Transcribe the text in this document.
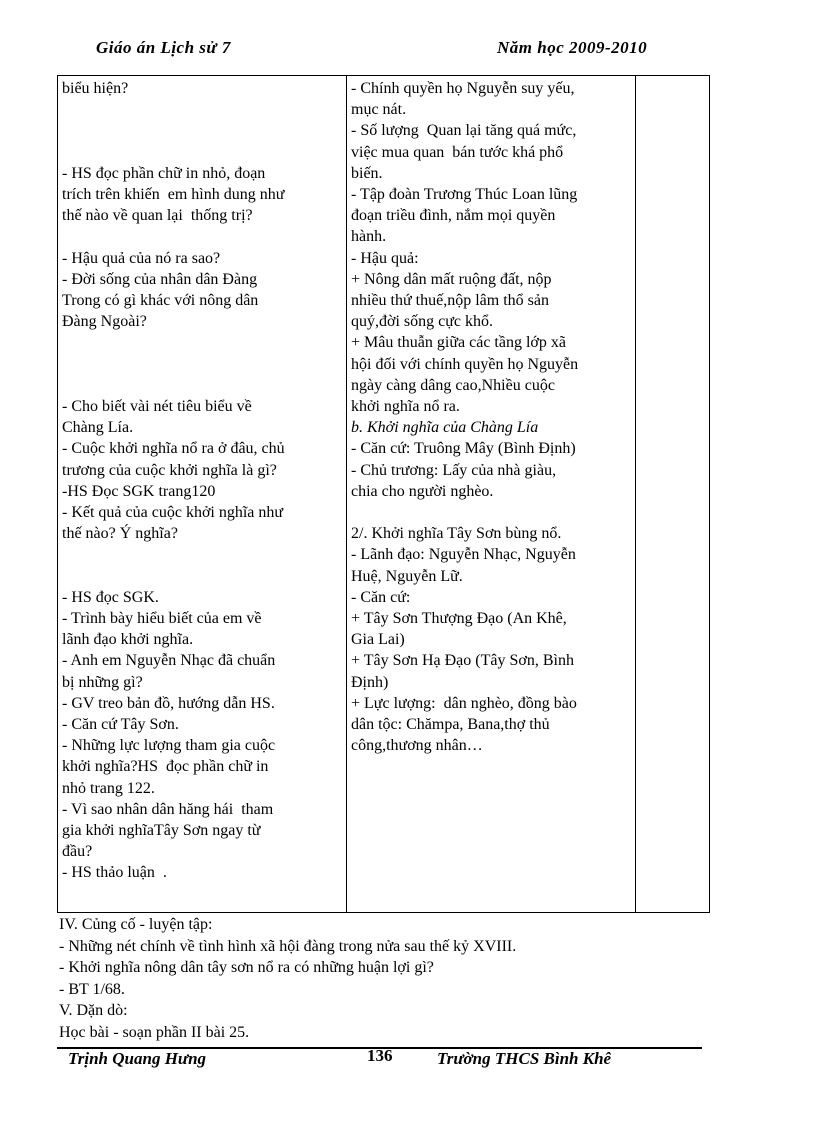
Giáo án Lịch sử 7	Năm học 2009-2010
biểu hiện?
- HS đọc phần chữ in nhỏ, đoạn
trích trên khiến  em hình dung như
thế nào về quan lại  thống trị?
- Hậu quả của nó ra sao?
- Đời sống của nhân dân Đàng
Trong có gì khác với nông dân
Đàng Ngoài?
- Cho biết vài nét tiêu biểu về
Chàng Lía.
- Cuộc khởi nghĩa nổ ra ở đâu, chủ
trương của cuộc khởi nghĩa là gì?
-HS Đọc SGK trang120
- Kết quả của cuộc khởi nghĩa như
thế nào? Ý nghĩa?
- HS đọc SGK.
- Trình bày hiểu biết của em về
lãnh đạo khởi nghĩa.
- Anh em Nguyễn Nhạc đã chuẩn
bị những gì?
- GV treo bản đồ, hướng dẫn HS.
- Căn cứ Tây Sơn.
- Những lực lượng tham gia cuộc
khởi nghĩa?HS  đọc phần chữ in
nhỏ trang 122.
- Vì sao nhân dân hăng hái  tham
gia khởi nghĩaTây Sơn ngay từ
đầu?
- HS thảo luận  .

- Chính quyền họ Nguyễn suy yếu,
mục nát.
- Số lượng  Quan lại tăng quá mức,
việc mua quan  bán tước khá phổ
biến.
- Tập đoàn Trương Thúc Loan lũng
đoạn triều đình, nắm mọi quyền
hành.
- Hậu quả:
+ Nông dân mất ruộng đất, nộp
nhiều thứ thuế,nộp lâm thổ sản
quý,đời sống cực khổ.
+ Mâu thuẫn giữa các tầng lớp xã
hội đối với chính quyền họ Nguyễn
ngày càng dâng cao,Nhiều cuộc
khởi nghĩa nổ ra.
b. Khởi nghĩa của Chàng Lía
- Căn cứ: Truông Mây (Bình Định)
- Chủ trương: Lấy của nhà giàu,
chia cho người nghèo.
2/. Khởi nghĩa Tây Sơn bùng nổ.
- Lãnh đạo: Nguyễn Nhạc, Nguyễn
Huệ, Nguyễn Lữ.
- Căn cứ:
+ Tây Sơn Thượng Đạo (An Khê,
Gia Lai)
+ Tây Sơn Hạ Đạo (Tây Sơn, Bình
Định)
+ Lực lượng:  dân nghèo, đồng bào
dân tộc: Chămpa, Bana,thợ thủ
công,thương nhân…

IV. Củng cố - luyện tập:
- Những nét chính về tình hình xã hội đàng trong nửa sau thế kỷ XVIII.
- Khởi nghĩa nông dân tây sơn nổ ra có những huận lợi gì?
- BT 1/68.
V. Dặn dò:
Học bài - soạn phần II bài 25.
Trịnh Quang Hưng	136	Trường THCS Bình Khê
